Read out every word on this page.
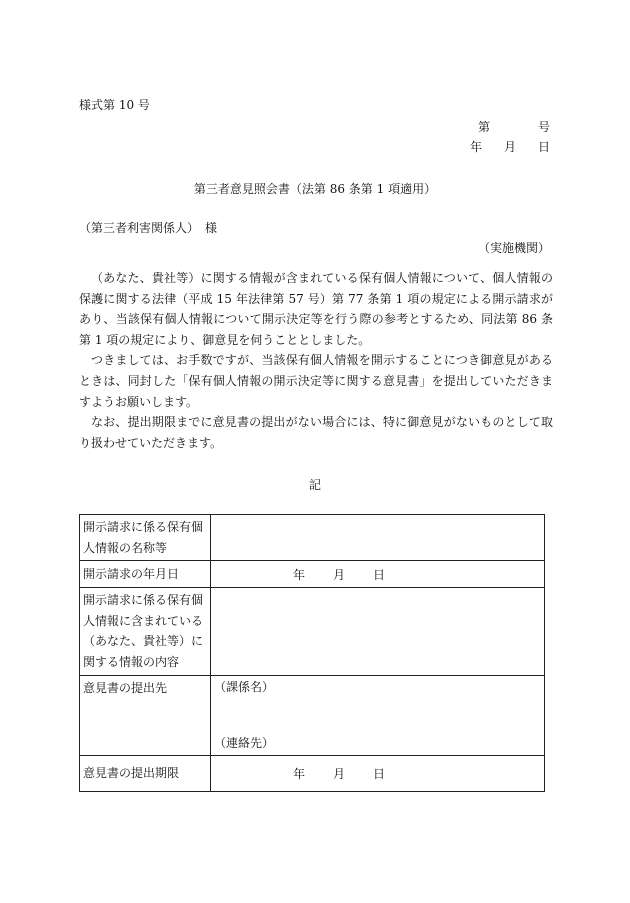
様式第 10 号
第	号
年 月 日
第三者意見照会書（法第 86 条第 1 項適用）
（第三者利害関係人）　様
（実施機関）

（あなた、貴社等）に関する情報が含まれている保有個人情報について、個人情報の保護に関する法律（平成 15 年法律第 57 号）第 77 条第 1 項の規定による開示請求があり、当該保有個人情報について開示決定等を行う際の参考とするため、同法第 86 条第 1 項の規定により、御意見を伺うこととしました。

つきましては、お手数ですが、当該保有個人情報を開示することにつき御意見があるときは、同封した「保有個人情報の開示決定等に関する意見書」を提出していただきますようお願いします。

なお、提出期限までに意見書の提出がない場合には、特に御意見がないものとして取り扱わせていただきます。

記
開示請求に係る保有個人情報の名称等	
開示請求の年月日	年 月 日

開示請求に係る保有個人情報に含まれている（あなた、貴社等）に関する情報の内容	
意見書の提出先	（課係名）
（連絡先）

意見書の提出期限	年 月 日
